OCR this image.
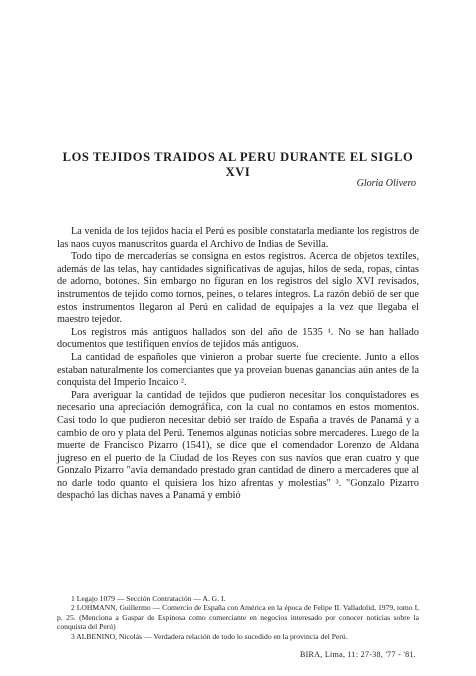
LOS TEJIDOS TRAIDOS AL PERU DURANTE EL SIGLO XVI
Gloria Olivero

La venida de los tejidos hacia el Perú es posible constatarla mediante los registros de las naos cuyos manuscritos guarda el Archivo de Indias de Sevilla.

Todo tipo de mercaderías se consigna en estos registros. Acerca de objetos textiles, además de las telas, hay cantidades significativas de agujas, hilos de seda, ropas, cintas de adorno, botones. Sin embargo no figuran en los registros del siglo XVI revisados, instrumentos de tejido como tornos, peines, o telares íntegros. La razón debió de ser que estos instrumentos llegaron al Perú en calidad de equipajes a la vez que llegaba el maestro tejedor.

Los registros más antiguos hallados son del año de 1535 ¹. No se han hallado documentos que testifiquen envíos de tejidos más antiguos.

La cantidad de españoles que vinieron a probar suerte fue creciente. Junto a ellos estaban naturalmente los comerciantes que ya proveían buenas ganancias aún antes de la conquista del Imperio Incaico ².

Para averiguar la cantidad de tejidos que pudieron necesitar los conquistadores es necesario una apreciación demográfica, con la cual no contamos en estos momentos. Casi todo lo que pudieron necesitar debió ser traído de España a través de Panamá y a cambio de oro y plata del Perú. Tenemos algunas noticias sobre mercaderes. Luego de la muerte de Francisco Pizarro (1541), se dice que el comendador Lorenzo de Aldana jugreso en el puerto de la Ciudad de los Reyes con sus navíos que eran cuatro y que Gonzalo Pizarro "avia demandado prestado gran cantidad de dinero a mercaderes que al no darle todo quanto el quisiera los hizo afrentas y molestias" ³. "Gonzalo Pizarro despachó las dichas naves a Panamá y embió

1 Legajo 1079 — Sección Contratación — A. G. I.

2 LOHMANN, Guillermo — Comercio de España con América en la época de Felipe II. Valladolid, 1979, tomo I, p. 25. (Menciona a Gaspar de Espinosa como comerciante en negocios interesado por conocer noticias sobre la conquista del Perú)

3 ALBENINO, Nicolás — Verdadera relación de todo lo sucedido en la provincia del Perú.

BIRA, Lima, 11: 27-38, '77 - '81.
